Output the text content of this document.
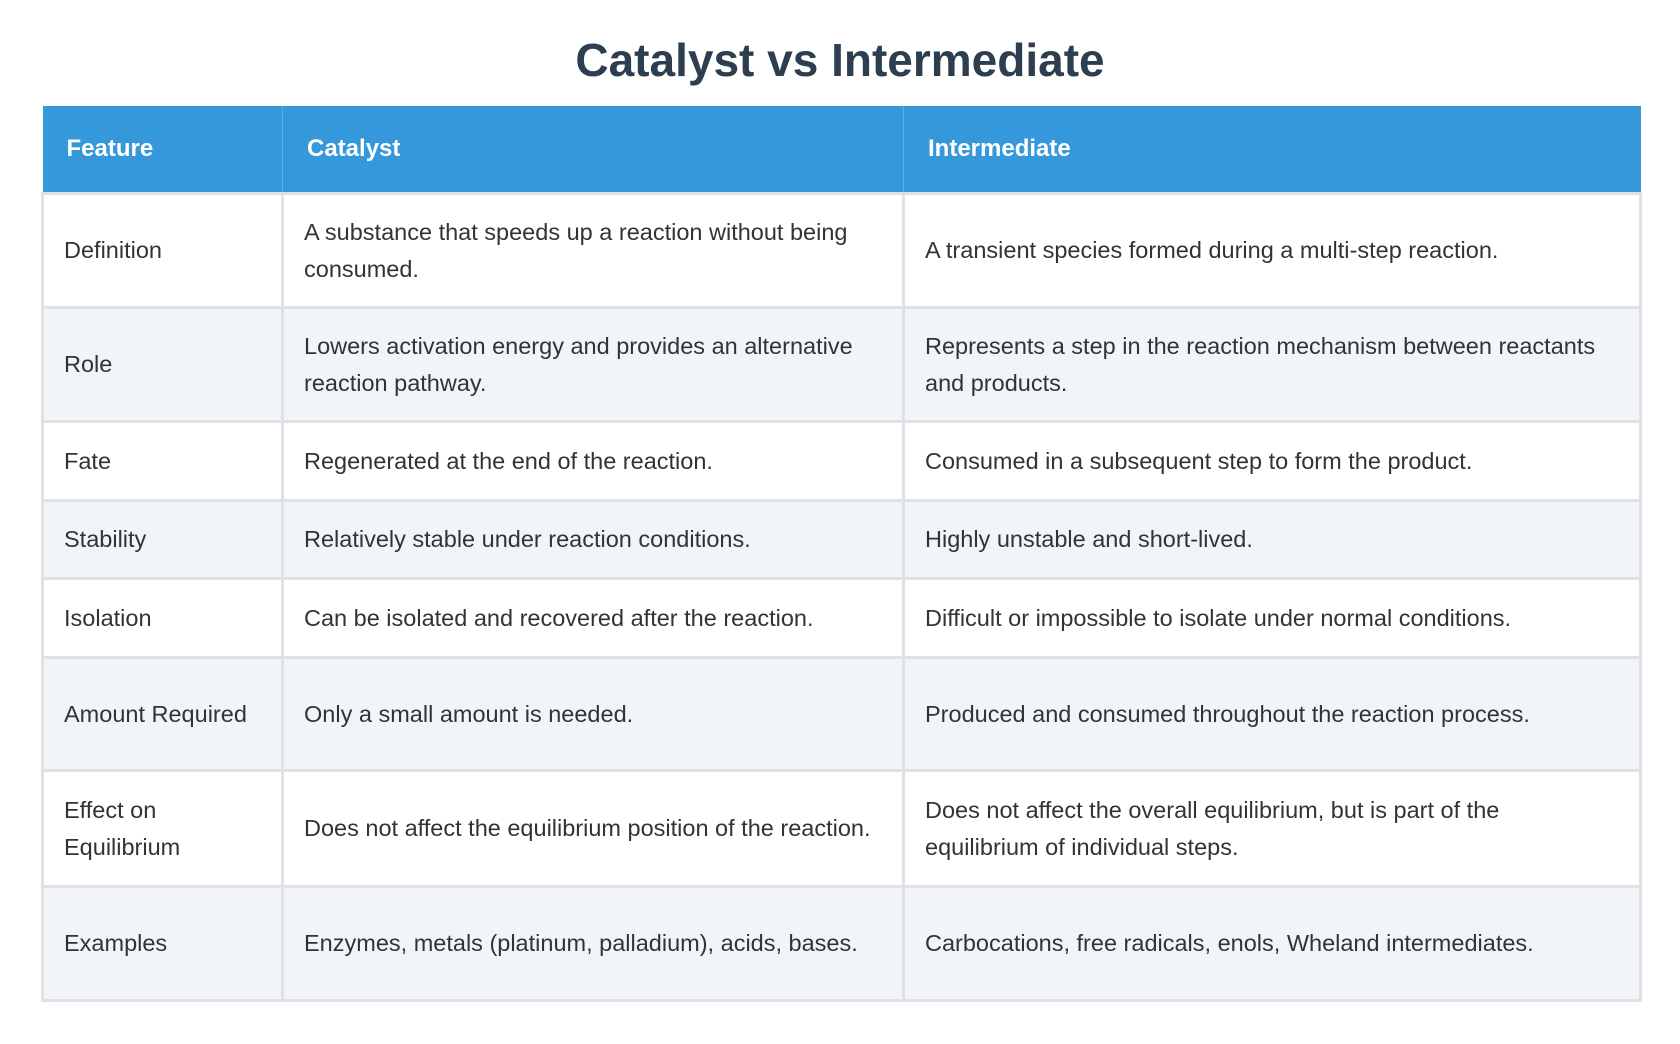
Catalyst vs Intermediate
Feature	Catalyst	Intermediate
Definition	A substance that speeds up a reaction without being consumed.	A transient species formed during a multi-step reaction.
Role	Lowers activation energy and provides an alternative reaction pathway.	Represents a step in the reaction mechanism between reactants and products.
Fate	Regenerated at the end of the reaction.	Consumed in a subsequent step to form the product.
Stability	Relatively stable under reaction conditions.	Highly unstable and short-lived.
Isolation	Can be isolated and recovered after the reaction.	Difficult or impossible to isolate under normal conditions.
Amount Required	Only a small amount is needed.	Produced and consumed throughout the reaction process.
Effect on Equilibrium	Does not affect the equilibrium position of the reaction.	Does not affect the overall equilibrium, but is part of the equilibrium of individual steps.
Examples	Enzymes, metals (platinum, palladium), acids, bases.	Carbocations, free radicals, enols, Wheland intermediates.
